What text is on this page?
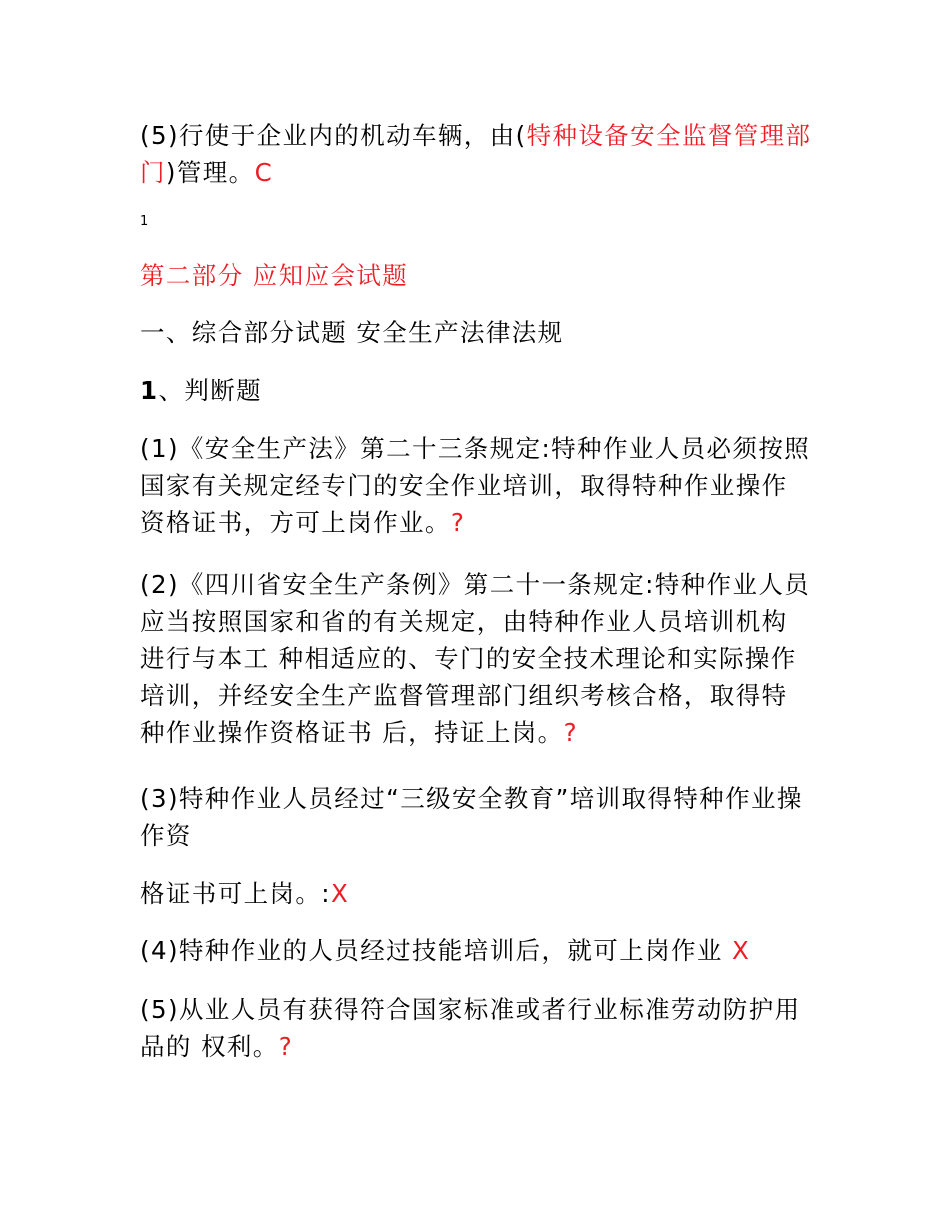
(5)行使于企业内的机动车辆，由(特种设备安全监督管理部门)管理。C

1

第二部分 应知应会试题

一、综合部分试题 安全生产法律法规

1、判断题

(1)《安全生产法》第二十三条规定:特种作业人员必须按照国家有关规定经专门的安全作业培训，取得特种作业操作资格证书，方可上岗作业。?

(2)《四川省安全生产条例》第二十一条规定:特种作业人员应当按照国家和省的有关规定，由特种作业人员培训机构进行与本工 种相适应的、专门的安全技术理论和实际操作培训，并经安全生产监督管理部门组织考核合格，取得特种作业操作资格证书 后，持证上岗。?

(3)特种作业人员经过“三级安全教育”培训取得特种作业操作资

格证书可上岗。:X

(4)特种作业的人员经过技能培训后，就可上岗作业 X

(5)从业人员有获得符合国家标准或者行业标准劳动防护用品的 权利。?
